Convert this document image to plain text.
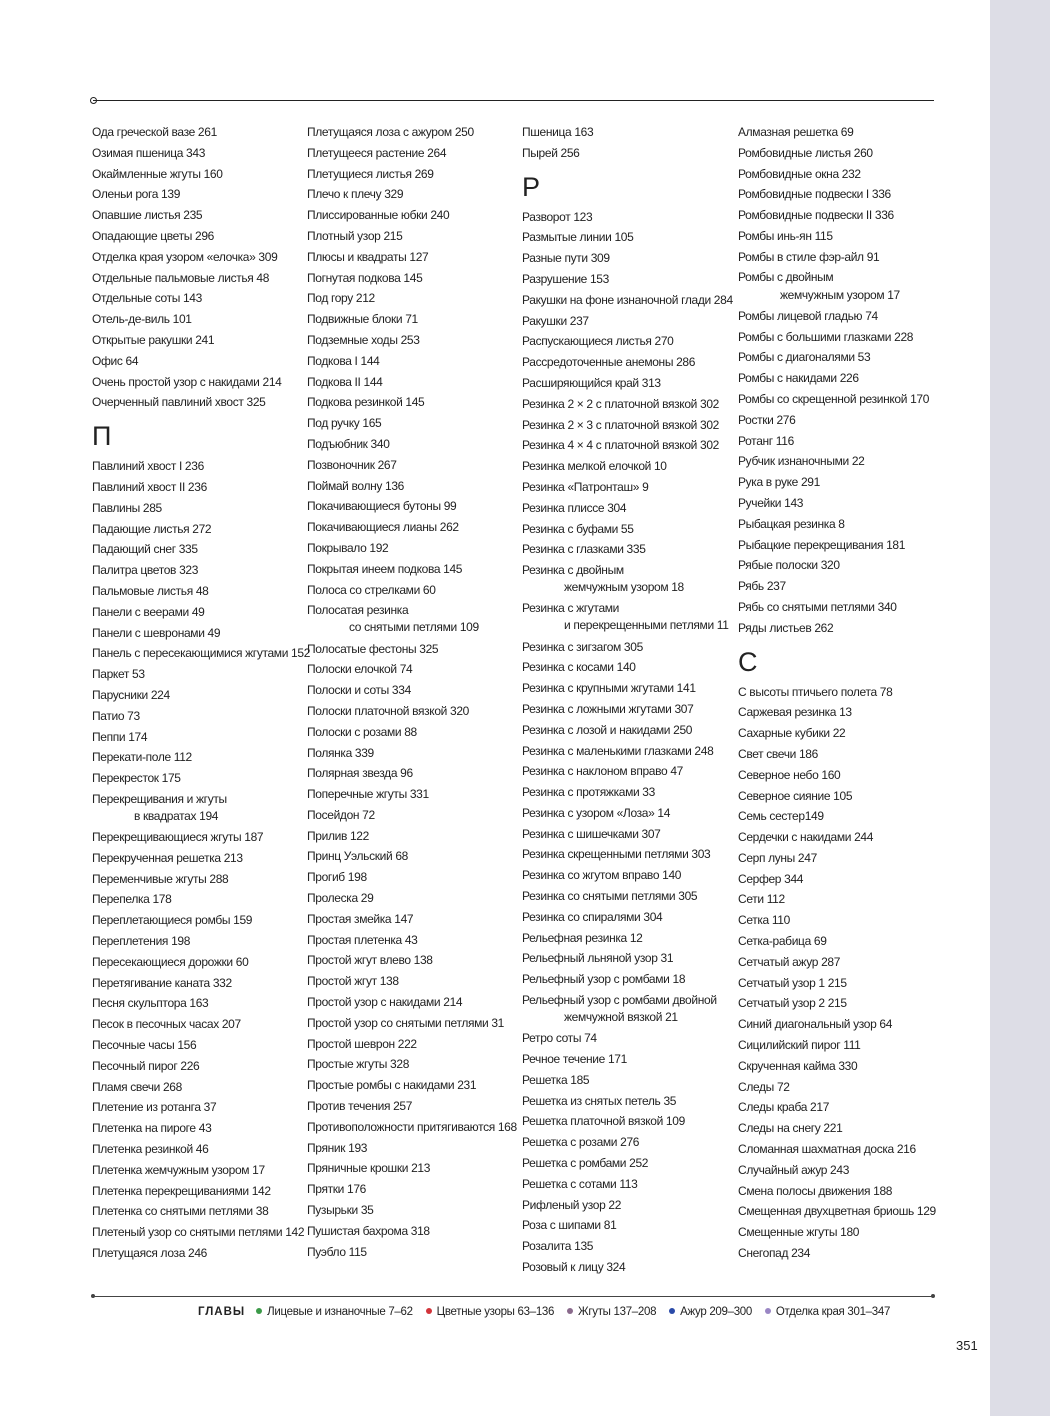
Ода греческой вазе 261
Озимая пшеница 343
Окаймленные жгуты 160
Оленьи рога 139
Опавшие листья 235
Опадающие цветы 296
Отделка края узором «елочка» 309
Отдельные пальмовые листья 48
Отдельные соты 143
Отель-де-виль 101
Открытые ракушки 241
Офис 64
Очень простой узор с накидами 214
Очерченный павлиний хвост 325
П
Павлиний хвост I 236
Павлиний хвост II 236
Павлины 285
Падающие листья 272
Падающий снег 335
Палитра цветов 323
Пальмовые листья 48
Панели с веерами 49
Панели с шевронами 49
Панель с пересекающимися жгутами 152
Паркет 53
Парусники 224
Патио 73
Пеппи 174
Перекати-поле 112
Перекресток 175
Перекрещивания и жгуты
в квадратах 194
Перекрещивающиеся жгуты 187
Перекрученная решетка 213
Переменчивые жгуты 288
Перепелка 178
Переплетающиеся ромбы 159
Переплетения 198
Пересекающиеся дорожки 60
Перетягивание каната 332
Песня скульптора 163
Песок в песочных часах 207
Песочные часы 156
Песочный пирог 226
Пламя свечи 268
Плетение из ротанга 37
Плетенка на пироге 43
Плетенка резинкой 46
Плетенка жемчужным узором 17
Плетенка перекрещиваниями 142
Плетенка со снятыми петлями 38
Плетеный узор со снятыми петлями 142
Плетущаяся лоза 246
Плетущаяся лоза с ажуром 250
Плетущееся растение 264
Плетущиеся листья 269
Плечо к плечу 329
Плиссированные юбки 240
Плотный узор 215
Плюсы и квадраты 127
Погнутая подкова 145
Под гору 212
Подвижные блоки 71
Подземные ходы 253
Подкова I 144
Подкова II 144
Подкова резинкой 145
Под ручку 165
Подъюбник 340
Позвоночник 267
Поймай волну 136
Покачивающиеся бутоны 99
Покачивающиеся лианы 262
Покрывало 192
Покрытая инеем подкова 145
Полоса со стрелками 60
Полосатая резинка
со снятыми петлями 109
Полосатые фестоны 325
Полоски елочкой 74
Полоски и соты 334
Полоски платочной вязкой 320
Полоски с розами 88
Полянка 339
Полярная звезда 96
Поперечные жгуты 331
Посейдон 72
Прилив 122
Принц Уэльский 68
Прогиб 198
Пролеска 29
Простая змейка 147
Простая плетенка 43
Простой жгут влево 138
Простой жгут 138
Простой узор с накидами 214
Простой узор со снятыми петлями 31
Простой шеврон 222
Простые жгуты 328
Простые ромбы с накидами 231
Против течения 257
Противоположности притягиваются 168
Пряник 193
Пряничные крошки 213
Прятки 176
Пузырьки 35
Пушистая бахрома 318
Пуэбло 115
Пшеница 163
Пырей 256
Р
Разворот 123
Размытые линии 105
Разные пути 309
Разрушение 153
Ракушки на фоне изнаночной глади 284
Ракушки 237
Распускающиеся листья 270
Рассредоточенные анемоны 286
Расширяющийся край 313
Резинка 2 × 2 с платочной вязкой 302
Резинка 2 × 3 с платочной вязкой 302
Резинка 4 × 4 с платочной вязкой 302
Резинка мелкой елочкой 10
Резинка «Патронташ» 9
Резинка плиссе 304
Резинка с буфами 55
Резинка с глазками 335
Резинка с двойным
жемчужным узором 18
Резинка с жгутами
и перекрещенными петлями 11
Резинка с зигзагом 305
Резинка с косами 140
Резинка с крупными жгутами 141
Резинка с ложными жгутами 307
Резинка с лозой и накидами 250
Резинка с маленькими глазками 248
Резинка с наклоном вправо 47
Резинка с протяжками 33
Резинка с узором «Лоза» 14
Резинка с шишечками 307
Резинка скрещенными петлями 303
Резинка со жгутом вправо 140
Резинка со снятыми петлями 305
Резинка со спиралями 304
Рельефная резинка 12
Рельефный льняной узор 31
Рельефный узор с ромбами 18
Рельефный узор с ромбами двойной
жемчужной вязкой 21
Ретро соты 74
Речное течение 171
Решетка 185
Решетка из снятых петель 35
Решетка платочной вязкой 109
Решетка с розами 276
Решетка с ромбами 252
Решетка с сотами 113
Рифленый узор 22
Роза с шипами 81
Розалита 135
Розовый к лицу 324
Алмазная решетка 69
Ромбовидные листья 260
Ромбовидные окна 232
Ромбовидные подвески I 336
Ромбовидные подвески II 336
Ромбы инь-ян 115
Ромбы в стиле фэр-айл 91
Ромбы с двойным
жемчужным узором 17
Ромбы лицевой гладью 74
Ромбы с большими глазками 228
Ромбы с диагоналями 53
Ромбы с накидами 226
Ромбы со скрещенной резинкой 170
Ростки 276
Ротанг 116
Рубчик изнаночными 22
Рука в руке 291
Ручейки 143
Рыбацкая резинка 8
Рыбацкие перекрещивания 181
Рябые полоски 320
Рябь 237
Рябь со снятыми петлями 340
Ряды листьев 262
С
С высоты птичьего полета 78
Саржевая резинка 13
Сахарные кубики 22
Свет свечи 186
Северное небо 160
Северное сияние 105
Семь сестер149
Сердечки с накидами 244
Серп луны 247
Серфер 344
Сети 112
Сетка 110
Сетка-рабица 69
Сетчатый ажур 287
Сетчатый узор 1 215
Сетчатый узор 2 215
Синий диагональный узор 64
Сицилийский пирог 111
Скрученная кайма 330
Следы 72
Следы краба 217
Следы на снегу 221
Сломанная шахматная доска 216
Случайный ажур 243
Смена полосы движения 188
Смещенная двухцветная бриошь 129
Смещенные жгуты 180
Снегопад 234
ГЛАВЫ Лицевые и изнаночные 7–62 Цветные узоры 63–136 Жгуты 137–208 Ажур 209–300 Отделка края 301–347
351
